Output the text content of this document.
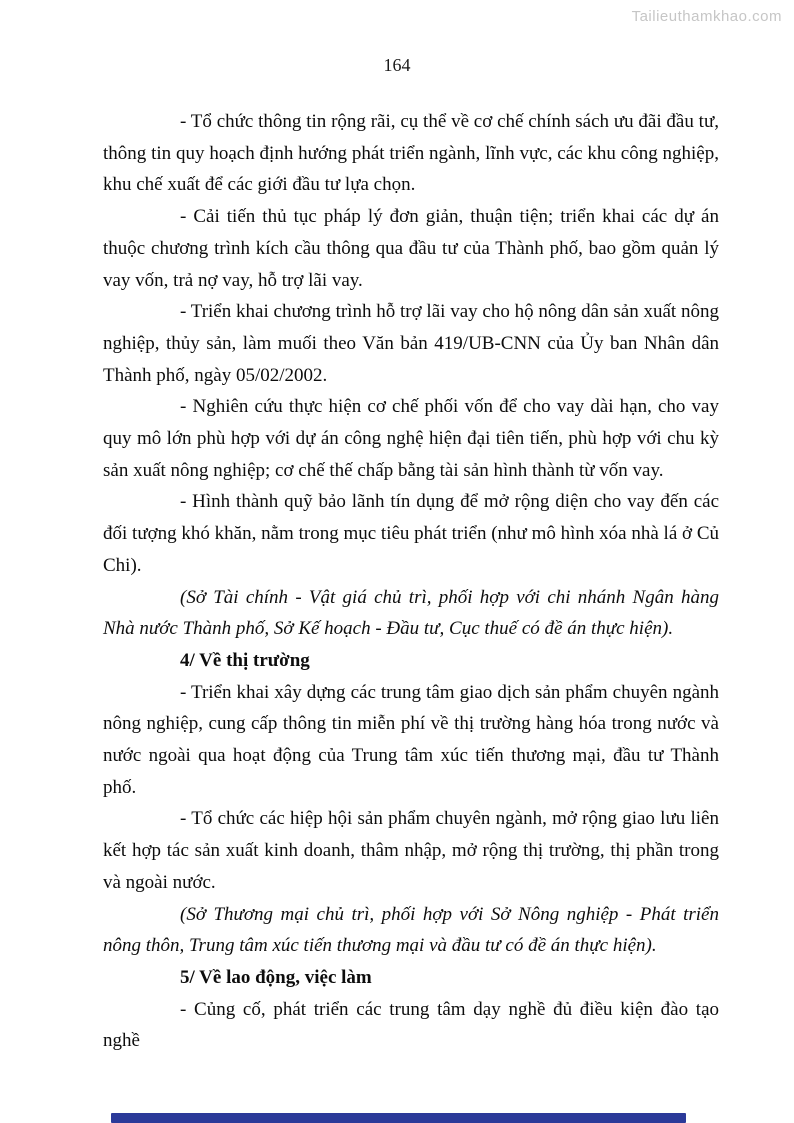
Tailieuthamkhao.com
164

- Tổ chức thông tin rộng rãi, cụ thể về cơ chế chính sách ưu đãi đầu tư, thông tin quy hoạch định hướng phát triển ngành, lĩnh vực, các khu công nghiệp, khu chế xuất để các giới đầu tư lựa chọn.

- Cải tiến thủ tục pháp lý đơn giản, thuận tiện; triển khai các dự án thuộc chương trình kích cầu thông qua đầu tư của Thành phố, bao gồm quản lý vay vốn, trả nợ vay, hỗ trợ lãi vay.

- Triển khai chương trình hỗ trợ lãi vay cho hộ nông dân sản xuất nông nghiệp, thủy sản, làm muối theo Văn bản 419/UB-CNN của Ủy ban Nhân dân Thành phố, ngày 05/02/2002.

- Nghiên cứu thực hiện cơ chế phối vốn để cho vay dài hạn, cho vay quy mô lớn phù hợp với dự án công nghệ hiện đại tiên tiến, phù hợp với chu kỳ sản xuất nông nghiệp; cơ chế thế chấp bằng tài sản hình thành từ vốn vay.

- Hình thành quỹ bảo lãnh tín dụng để mở rộng diện cho vay đến các đối tượng khó khăn, nằm trong mục tiêu phát triển (như mô hình xóa nhà lá ở Củ Chi).

(Sở Tài chính - Vật giá chủ trì, phối hợp với chi nhánh Ngân hàng Nhà nước Thành phố, Sở Kế hoạch - Đầu tư, Cục thuế có đề án thực hiện).

4/ Về thị trường

- Triển khai xây dựng các trung tâm giao dịch sản phẩm chuyên ngành nông nghiệp, cung cấp thông tin miễn phí về thị trường hàng hóa trong nước và nước ngoài qua hoạt động của Trung tâm xúc tiến thương mại, đầu tư Thành phố.

- Tổ chức các hiệp hội sản phẩm chuyên ngành, mở rộng giao lưu liên kết hợp tác sản xuất kinh doanh, thâm nhập, mở rộng thị trường, thị phần trong và ngoài nước.

(Sở Thương mại chủ trì, phối hợp với Sở Nông nghiệp - Phát triển nông thôn, Trung tâm xúc tiến thương mại và đầu tư có đề án thực hiện).

5/ Về lao động, việc làm

- Củng cố, phát triển các trung tâm dạy nghề đủ điều kiện đào tạo nghề
